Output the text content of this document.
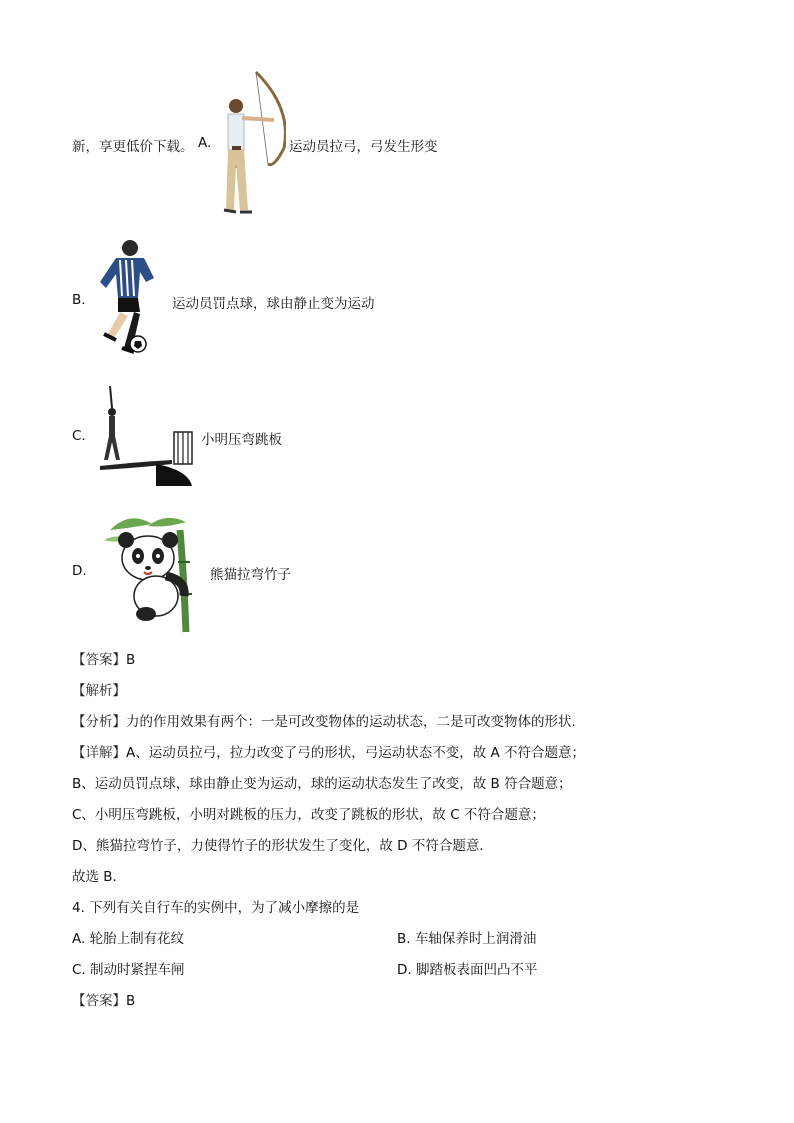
新，享更低价下载。 A.	运动员拉弓，弓发生形变
B.	运动员罚点球，球由静止变为运动
C.	小明压弯跳板
D.	熊猫拉弯竹子
【答案】B
【解析】
【分析】力的作用效果有两个：一是可改变物体的运动状态，二是可改变物体的形状．
【详解】A、运动员拉弓，拉力改变了弓的形状，弓运动状态不变，故 A 不符合题意；
B、运动员罚点球，球由静止变为运动，球的运动状态发生了改变，故 B 符合题意；
C、小明压弯跳板，小明对跳板的压力，改变了跳板的形状，故 C 不符合题意；
D、熊猫拉弯竹子，力使得竹子的形状发生了变化，故 D 不符合题意．
故选 B．
4. 下列有关自行车的实例中，为了减小摩擦的是
A. 轮胎上制有花纹	B. 车轴保养时上润滑油
C. 制动时紧捏车闸	D. 脚踏板表面凹凸不平
【答案】B
